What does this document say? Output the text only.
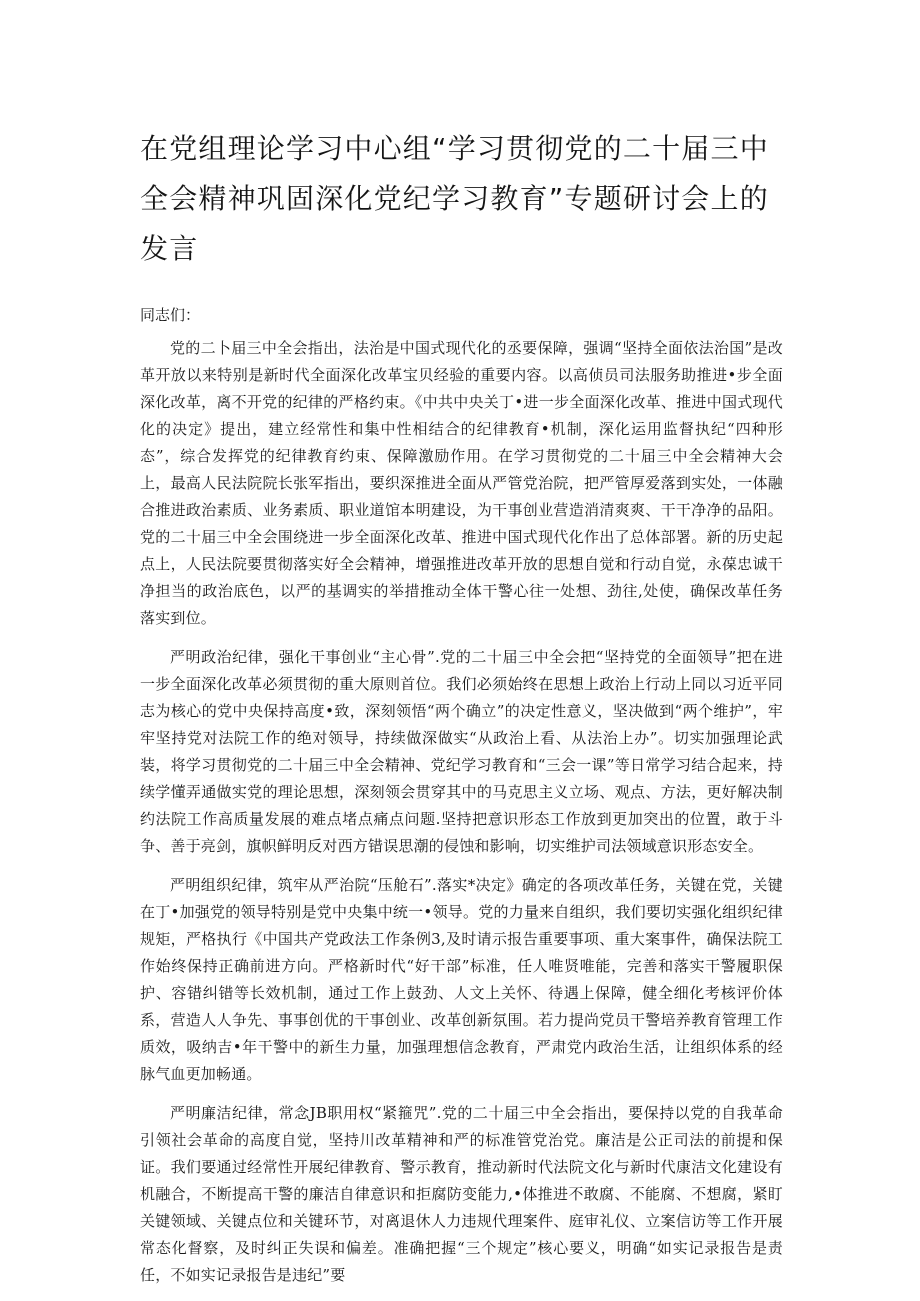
在党组理论学习中心组“学习贯彻党的二十届三中全会精神巩固深化党纪学习教育”专题研讨会上的发言

同志们：

党的二卜届三中全会指出，法治是中国式现代化的丞要保障，强调“坚持全面依法治国”是改革开放以来特别是新时代全面深化改革宝贝经验的重要内容。以高侦员司法服务助推进•步全面深化改革，离不开党的纪律的严格约束。《中共中央关丁•进一步全面深化改革、推进中国式现代化的决定》提出，建立经常性和集中性相结合的纪律教育•机制，深化运用监督执纪“四种形态”，综合发挥党的纪律教育约束、保障激励作用。在学习贯彻党的二十届三中全会精神大会上，最高人民法院院长张军指出，要织深推进全面从严管党治院，把严管厚爱落到实处，一体融合推进政治素质、业务素质、职业道馆本明建设，为干事创业营造消清爽爽、干干净净的品阳。党的二十届三中全会围绕进一步全面深化改革、推进中国式现代化作出了总体部署。新的历史起点上，人民法院要贯彻落实好全会精神，增强推进改革开放的思想自觉和行动自觉，永葆忠诚干净担当的政治底色，以严的基调实的举措推动全体干警心往一处想、劲往,处使，确保改革任务落实到位。

严明政治纪律，强化干事创业“主心骨”.党的二十届三中全会把“坚持党的全面领导”把在进一步全面深化改革必须贯彻的重大原则首位。我们必须始终在思想上政治上行动上同以习近平同志为核心的党中央保持高度•致，深刻领悟“两个确立”的决定性意义，坚决做到“两个维护”，牢牢坚持党对法院工作的绝对领导，持续做深做实“从政治上看、从法治上办”。切实加强理论武装，将学习贯彻党的二十届三中全会精神、党纪学习教育和“三会一课”等日常学习结合起来，持续学懂弄通做实党的理论思想，深刻领会贯穿其中的马克思主义立场、观点、方法，更好解决制约法院工作高质量发展的难点堵点痛点问题.坚持把意识形态工作放到更加突出的位置，敢于斗争、善于亮剑，旗帜鲜明反对西方错误思潮的侵蚀和影响，切实维护司法领域意识形态安全。

严明组织纪律，筑牢从严治院“压舱石”.落实*决定》确定的各项改革任务，关键在党，关键在丁•加强党的领导特别是党中央集中统一•领导。党的力量来自组织，我们要切实强化组织纪律规矩，严格执行《中国共产党政法工作条例3,及时请示报告重要事项、重大案事件，确保法院工作始终保持正确前进方向。严格新时代“好干部”标准，任人唯贤唯能，完善和落实干警履职保护、容错纠错等长效机制，通过工作上鼓劲、人文上关怀、待遇上保障，健全细化考核评价体系，营造人人争先、事事创优的干事创业、改革创新氛围。若力提尚党员干警培养教育管理工作质效，吸纳吉•年干警中的新生力量，加强理想信念教育，严肃党内政治生活，让组织体系的经脉气血更加畅通。

严明廉洁纪律，常念JB职用权“紧箍咒”.党的二十届三中全会指出，要保持以党的自我革命引领社会革命的高度自觉，坚持川改革精神和严的标准管党治党。廉洁是公正司法的前提和保证。我们要通过经常性开展纪律教育、警示教育，推动新时代法院文化与新时代康洁文化建设有机融合，不断提高干警的廉洁自律意识和拒腐防变能力,•体推进不敢腐、不能腐、不想腐，紧盯关键领域、关键点位和关键环节，对离退休人力违规代理案件、庭审礼仪、立案信访等工作开展常态化督察，及时纠正失误和偏差。准确把握“三个规定”核心要义，明确“如实记录报告是责任，不如实记录报告是违纪”要
